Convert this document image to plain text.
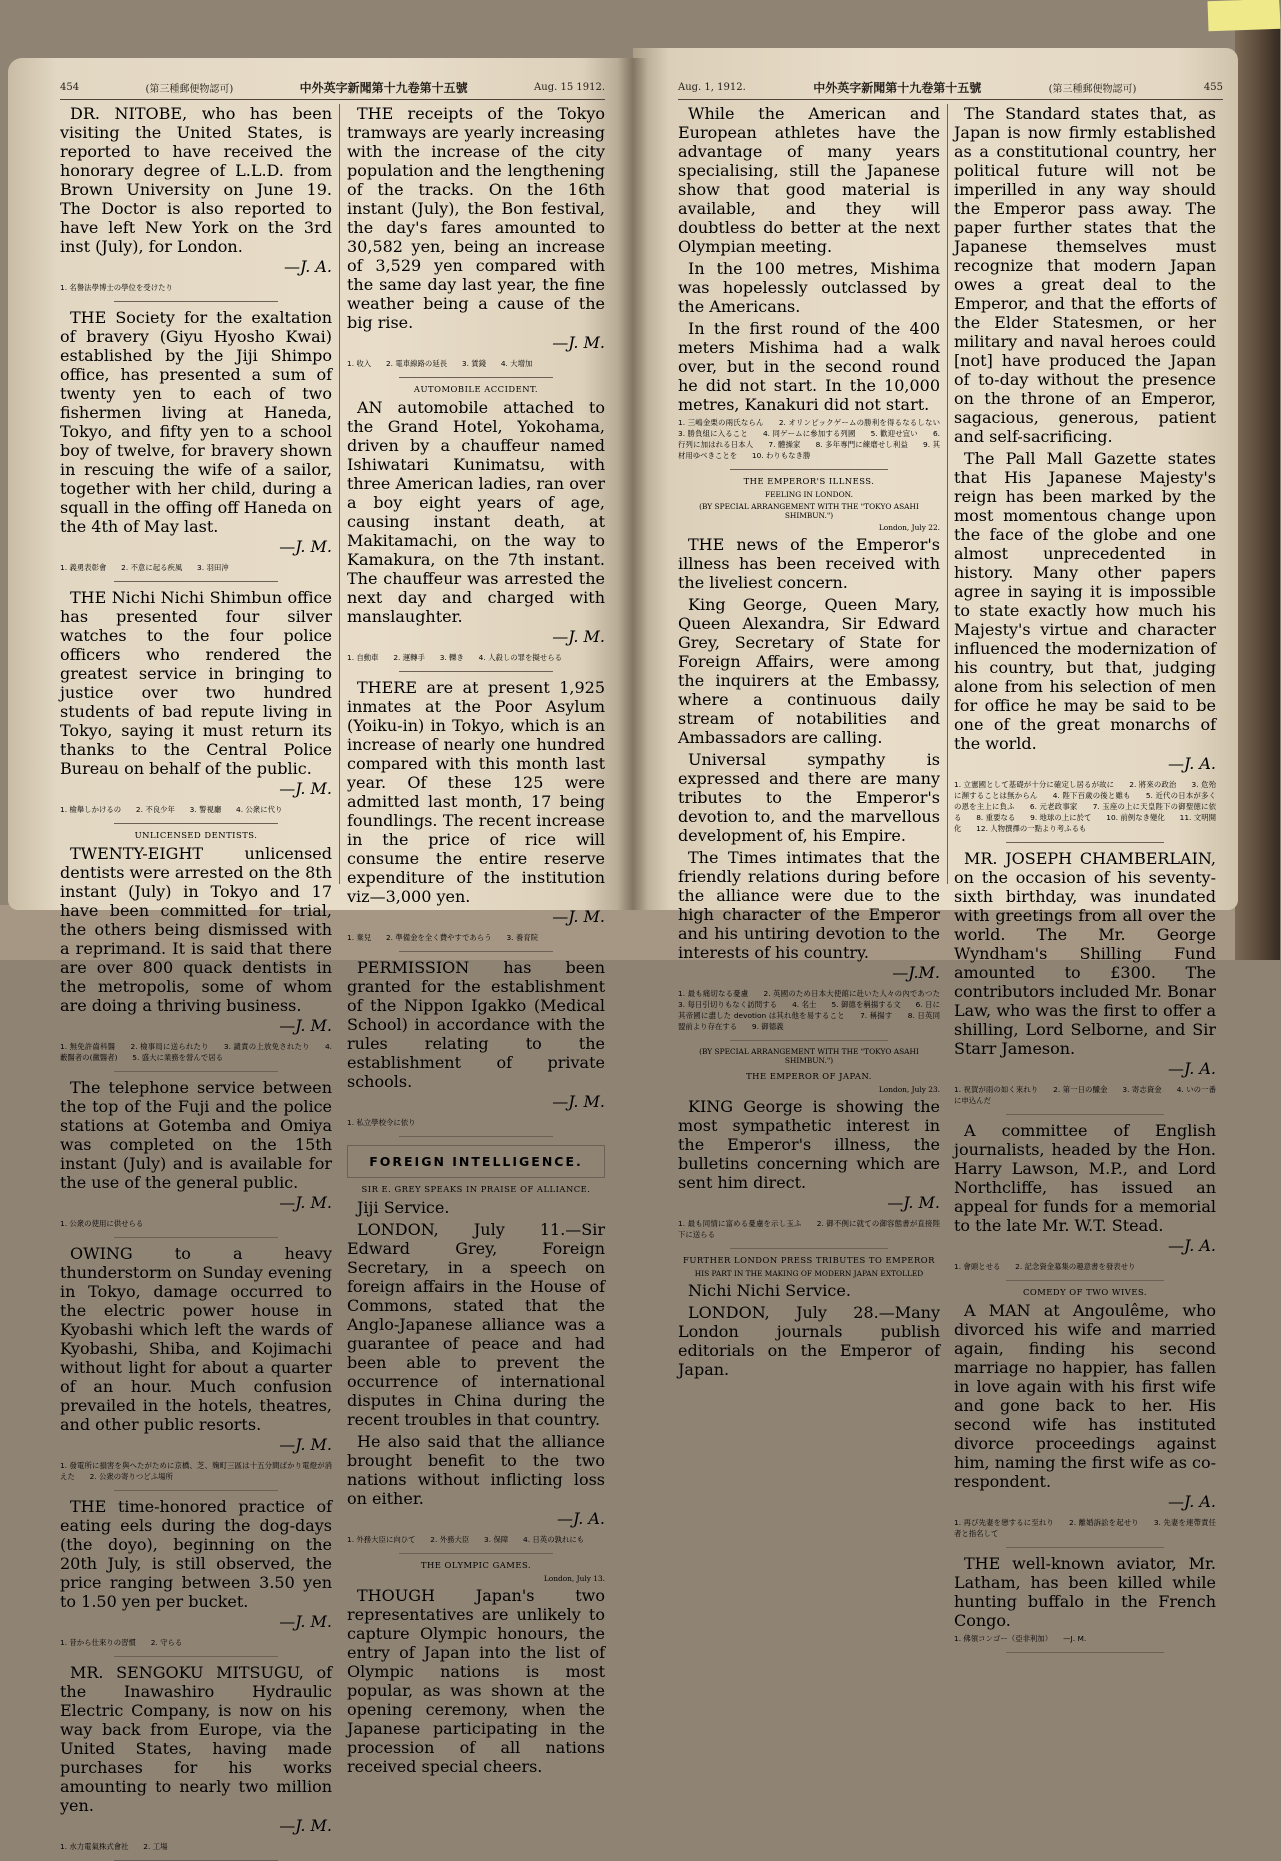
454	(第三種郵便物認可)	中外英字新聞第十九卷第十五號	Aug. 15 1912.	Aug. 1, 1912.	中外英字新聞第十九卷第十五號	(第三種郵便物認可)	455

DR. NITOBE, who has been visiting the United States, is reported to have received the honorary degree of L.L.D. from Brown University on June 19. The Doctor is also reported to have left New York on the 3rd inst (July), for London.

—J. A.

1. 名譽法學博士の學位を受けたり

THE Society for the exaltation of bravery (Giyu Hyosho Kwai) established by the Jiji Shimpo office, has presented a sum of twenty yen to each of two fishermen living at Haneda, Tokyo, and fifty yen to a school boy of twelve, for bravery shown in rescuing the wife of a sailor, together with her child, during a squall in the offing off Haneda on the 4th of May last.

—J. M.

1. 義勇表彰會　　2. 不意に起る疾風　　3. 羽田沖

THE Nichi Nichi Shimbun office has presented four silver watches to the four police officers who rendered the greatest service in bringing to justice over two hundred students of bad repute living in Tokyo, saying it must return its thanks to the Central Police Bureau on behalf of the public.

—J. M.

1. 檢舉しかけるの　　2. 不良少年　　3. 警視廳　　4. 公衆に代り

UNLICENSED DENTISTS.

TWENTY-EIGHT unlicensed dentists were arrested on the 8th instant (July) in Tokyo and 17 have been committed for trial, the others being dismissed with a reprimand. It is said that there are over 800 quack dentists in the metropolis, some of whom are doing a thriving business.

—J. M.

1. 無免許齒科醫　　2. 檢事局に送られたり　　3. 譴責の上放免されたり　　4. 藪醫者の(黴醫者)　　5. 盛大に業務を營んで居る

The telephone service between the top of the Fuji and the police stations at Gotemba and Omiya was completed on the 15th instant (July) and is available for the use of the general public.

—J. M.

1. 公衆の使用に供せらる

OWING to a heavy thunderstorm on Sunday evening in Tokyo, damage occurred to the electric power house in Kyobashi which left the wards of Kyobashi, Shiba, and Kojimachi without light for about a quarter of an hour. Much confusion prevailed in the hotels, theatres, and other public resorts.

—J. M.

1. 發電所に損害を與へたがために京橋、芝、麹町三區は十五分間ばかり電燈が消えた　　2. 公衆の寄りつどふ場所

THE time-honored practice of eating eels during the dog-days (the doyo), beginning on the 20th July, is still observed, the price ranging between 3.50 yen to 1.50 yen per bucket.

—J. M.

1. 昔から仕來りの習慣　　2. 守らる

MR. SENGOKU MITSUGU, of the Inawashiro Hydraulic Electric Company, is now on his way back from Europe, via the United States, having made purchases for his works amounting to nearly two million yen.

—J. M.

1. 水力電氣株式會社　　2. 工場

THE receipts of the Tokyo tramways are yearly increasing with the increase of the city population and the lengthening of the tracks. On the 16th instant (July), the Bon festival, the day's fares amounted to 30,582 yen, being an increase of 3,529 yen compared with the same day last year, the fine weather being a cause of the big rise.

—J. M.

1. 收入　　2. 電車線路の延長　　3. 賃錢　　4. 大增加

AUTOMOBILE ACCIDENT.

AN automobile attached to the Grand Hotel, Yokohama, driven by a chauffeur named Ishiwatari Kunimatsu, with three American ladies, ran over a boy eight years of age, causing instant death, at Makitamachi, on the way to Kamakura, on the 7th instant. The chauffeur was arrested the next day and charged with manslaughter.

—J. M.

1. 自動車　　2. 運轉手　　3. 轢き　　4. 人殺しの罪を擬せらる

THERE are at present 1,925 inmates at the Poor Asylum (Yoiku-in) in Tokyo, which is an increase of nearly one hundred compared with this month last year. Of these 125 were admitted last month, 17 being foundlings. The recent increase in the price of rice will consume the entire reserve expenditure of the institution viz—3,000 yen.

—J. M.

1. 棄兒　　2. 準備金を全く費やすであらう　　3. 養育院

PERMISSION has been granted for the establishment of the Nippon Igakko (Medical School) in accordance with the rules relating to the establishment of private schools.

—J. M.

1. 私立學校令に依り

FOREIGN INTELLIGENCE.
SIR E. GREY SPEAKS IN PRAISE OF ALLIANCE.

Jiji Service.

LONDON, July 11.—Sir Edward Grey, Foreign Secretary, in a speech on foreign affairs in the House of Commons, stated that the Anglo-Japanese alliance was a guarantee of peace and had been able to prevent the occurrence of international disputes in China during the recent troubles in that country.

He also said that the alliance brought benefit to the two nations without inflicting loss on either.

—J. A.

1. 外務大臣に向ひて　　2. 外務大臣　　3. 保障　　4. 日英の孰れにも

THE OLYMPIC GAMES.
London, July 13.

THOUGH Japan's two representatives are unlikely to capture Olympic honours, the entry of Japan into the list of Olympic nations is most popular, as was shown at the opening ceremony, when the Japanese participating in the procession of all nations received special cheers.

While the American and European athletes have the advantage of many years specialising, still the Japanese show that good material is available, and they will doubtless do better at the next Olympian meeting.

In the 100 metres, Mishima was hopelessly outclassed by the Americans.

In the first round of the 400 meters Mishima had a walk over, but in the second round he did not start. In the 10,000 metres, Kanakuri did not start.

1. 三嶋金栗の兩氏ならん　　2. オリンピックゲームの勝利を得るなるしない　　3. 勝負組に入ること　　4. 同ゲームに參加する列國　　5. 歡迎せ宜い　　6. 行列に加はれる日本人　　7. 體操家　　8. 多年專門に練磨せし利益　　9. 其材用ゆべきことを　　10. わりもなき勝

THE EMPEROR'S ILLNESS.
FEELING IN LONDON.
(BY SPECIAL ARRANGEMENT WITH THE "TOKYO ASAHI SHIMBUN.")
London, July 22.

THE news of the Emperor's illness has been received with the liveliest concern.

King George, Queen Mary, Queen Alexandra, Sir Edward Grey, Secretary of State for Foreign Affairs, were among the inquirers at the Embassy, where a continuous daily stream of notabilities and Ambassadors are calling.

Universal sympathy is expressed and there are many tributes to the Emperor's devotion to, and the marvellous development of, his Empire.

The Times intimates that the friendly relations during before the alliance were due to the high character of the Emperor and his untiring devotion to the interests of his country.

—J.M.

1. 最も痛切なる憂慮　　2. 英國のため日本大使館に赴いた人々の內であつた　　3. 每日引切りもなく訪問する　　4. 名士　　5. 御德を稱揚する文　　6. 日に其帝國に盡した devotion は其れ他を易すること　　7. 稱揚す　　8. 日英同盟前より存在する　　9. 御德義

(BY SPECIAL ARRANGEMENT WITH THE "TOKYO ASAHI SHIMBUN.")
THE EMPEROR OF JAPAN.
London, July 23.

KING George is showing the most sympathetic interest in the Emperor's illness, the bulletins concerning which are sent him direct.

—J. M.

1. 最も同情に富める憂慮を示し玉ふ　　2. 御不例に就ての御容態書が直接陛下に送らる

FURTHER LONDON PRESS TRIBUTES TO EMPEROR
HIS PART IN THE MAKING OF MODERN JAPAN EXTOLLED

Nichi Nichi Service.

LONDON, July 28.—Many London journals publish editorials on the Emperor of Japan.

The Standard states that, as Japan is now firmly established as a constitutional country, her political future will not be imperilled in any way should the Emperor pass away. The paper further states that the Japanese themselves must recognize that modern Japan owes a great deal to the Emperor, and that the efforts of the Elder Statesmen, or her military and naval heroes could [not] have produced the Japan of to-day without the presence on the throne of an Emperor, sagacious, generous, patient and self-sacrificing.

The Pall Mall Gazette states that His Japanese Majesty's reign has been marked by the most momentous change upon the face of the globe and one almost unprecedented in history. Many other papers agree in saying it is impossible to state exactly how much his Majesty's virtue and character influenced the modernization of his country, but that, judging alone from his selection of men for office he may be said to be one of the great monarchs of the world.

—J. A.

1. 立憲國として基礎が十分に確定し居るが故に　　2. 將來の政治　　3. 危殆に瀕することは無からん　　4. 陛下百歲の後と雖も　　5. 近代の日本が多くの恩を主上に負ふ　　6. 元老政事家　　7. 玉座の上に天皇陛下の御聖徳に依る　　8. 重要なる　　9. 地球の上に於て　　10. 前例なき變化　　11. 文明開化　　12. 人物撰擇の一點より考ふるも

MR. JOSEPH CHAMBERLAIN, on the occasion of his seventy-sixth birthday, was inundated with greetings from all over the world. The Mr. George Wyndham's Shilling Fund amounted to £300. The contributors included Mr. Bonar Law, who was the first to offer a shilling, Lord Selborne, and Sir Starr Jameson.

—J. A.

1. 祝賀が雨の如く來れり　　2. 第一日の醵金　　3. 寄志資金　　4. いの一番に申込んだ

A committee of English journalists, headed by the Hon. Harry Lawson, M.P., and Lord Northcliffe, has issued an appeal for funds for a memorial to the late Mr. W.T. Stead.

—J. A.

1. 會頭とせる　　2. 記念資金募集の趣意書を發表せり

COMEDY OF TWO WIVES.

A MAN at Angoulême, who divorced his wife and married again, finding his second marriage no happier, has fallen in love again with his first wife and gone back to her. His second wife has instituted divorce proceedings against him, naming the first wife as co-respondent.

—J. A.

1. 再び先妻を戀するに至れり　　2. 離婚訴訟を起せり　　3. 先妻を連帶責任者と指名して

THE well-known aviator, Mr. Latham, has been killed while hunting buffalo in the French Congo.

1. 佛領コンゴー（亞非利加）　　—J. M.
